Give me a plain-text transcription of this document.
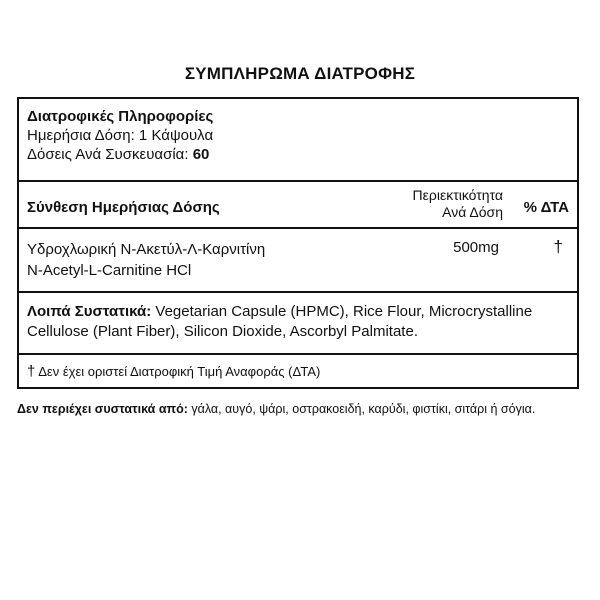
ΣΥΜΠΛΗΡΩΜΑ ΔΙΑΤΡΟΦΗΣ
Διατροφικές Πληροφορίες
Ημερήσια Δόση: 1 Κάψουλα
Δόσεις Ανά Συσκευασία: 60
Σύνθεση Ημερήσιας Δόσης
Περιεκτικότητα
Ανά Δόση % ΔΤΑ
Υδροχλωρική Ν-Ακετύλ-Λ-Καρνιτίνη
N-Acetyl-L-Carnitine HCl
500mg	†
Λοιπά Συστατικά: Vegetarian Capsule (HPMC), Rice Flour, Microcrystalline Cellulose (Plant Fiber), Silicon Dioxide, Ascorbyl Palmitate.
† Δεν έχει οριστεί Διατροφική Τιμή Αναφοράς (ΔΤΑ)
Δεν περιέχει συστατικά από: γάλα, αυγό, ψάρι, οστρακοειδή, καρύδι, φιστίκι, σιτάρι ή σόγια.
